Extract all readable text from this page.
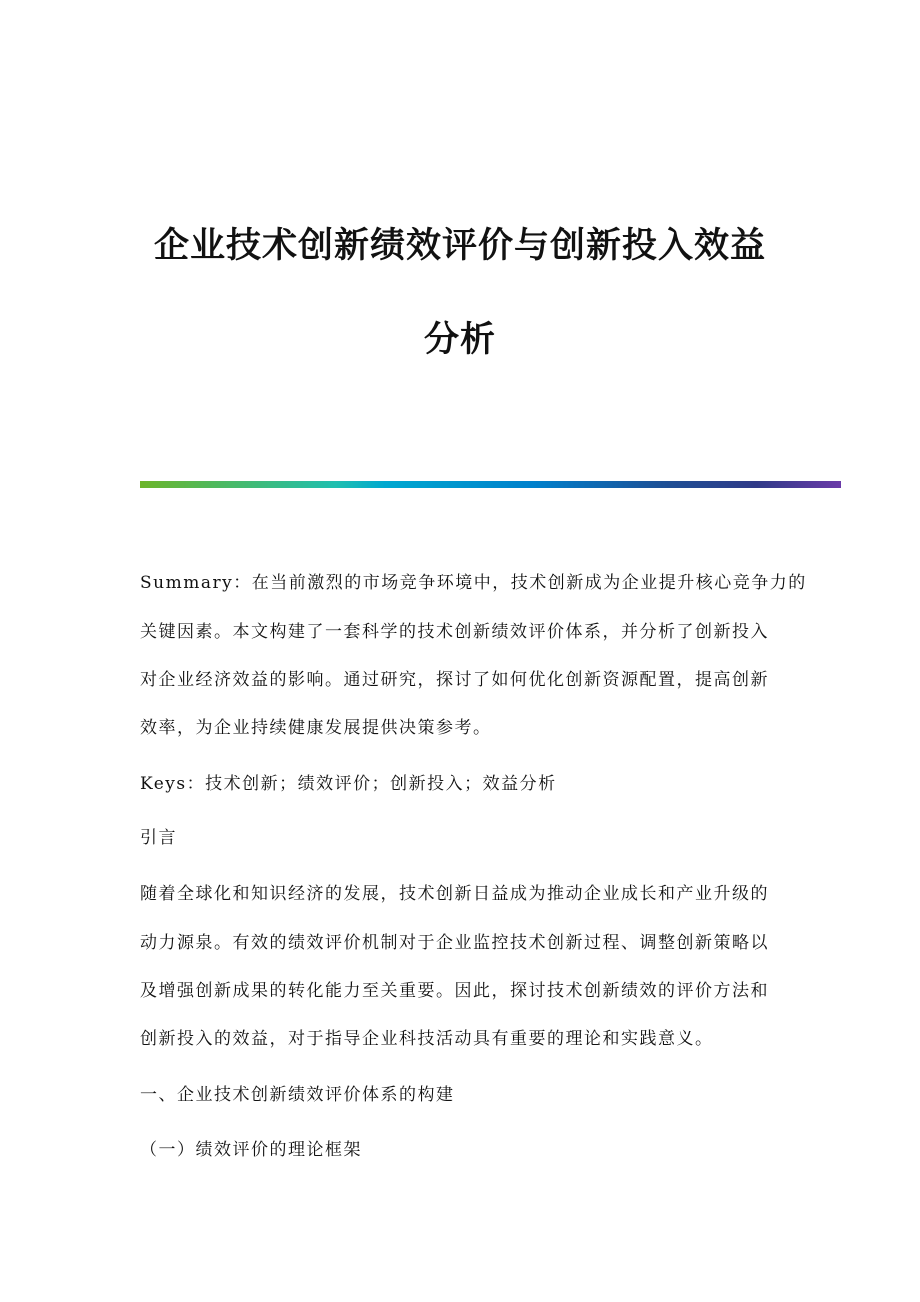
企业技术创新绩效评价与创新投入效益
分析
Summary：在当前激烈的市场竞争环境中，技术创新成为企业提升核心竞争力的
关键因素。本文构建了一套科学的技术创新绩效评价体系，并分析了创新投入
对企业经济效益的影响。通过研究，探讨了如何优化创新资源配置，提高创新
效率，为企业持续健康发展提供决策参考。
Keys：技术创新；绩效评价；创新投入；效益分析
引言
随着全球化和知识经济的发展，技术创新日益成为推动企业成长和产业升级的
动力源泉。有效的绩效评价机制对于企业监控技术创新过程、调整创新策略以
及增强创新成果的转化能力至关重要。因此，探讨技术创新绩效的评价方法和
创新投入的效益，对于指导企业科技活动具有重要的理论和实践意义。
一、企业技术创新绩效评价体系的构建
（一）绩效评价的理论框架
